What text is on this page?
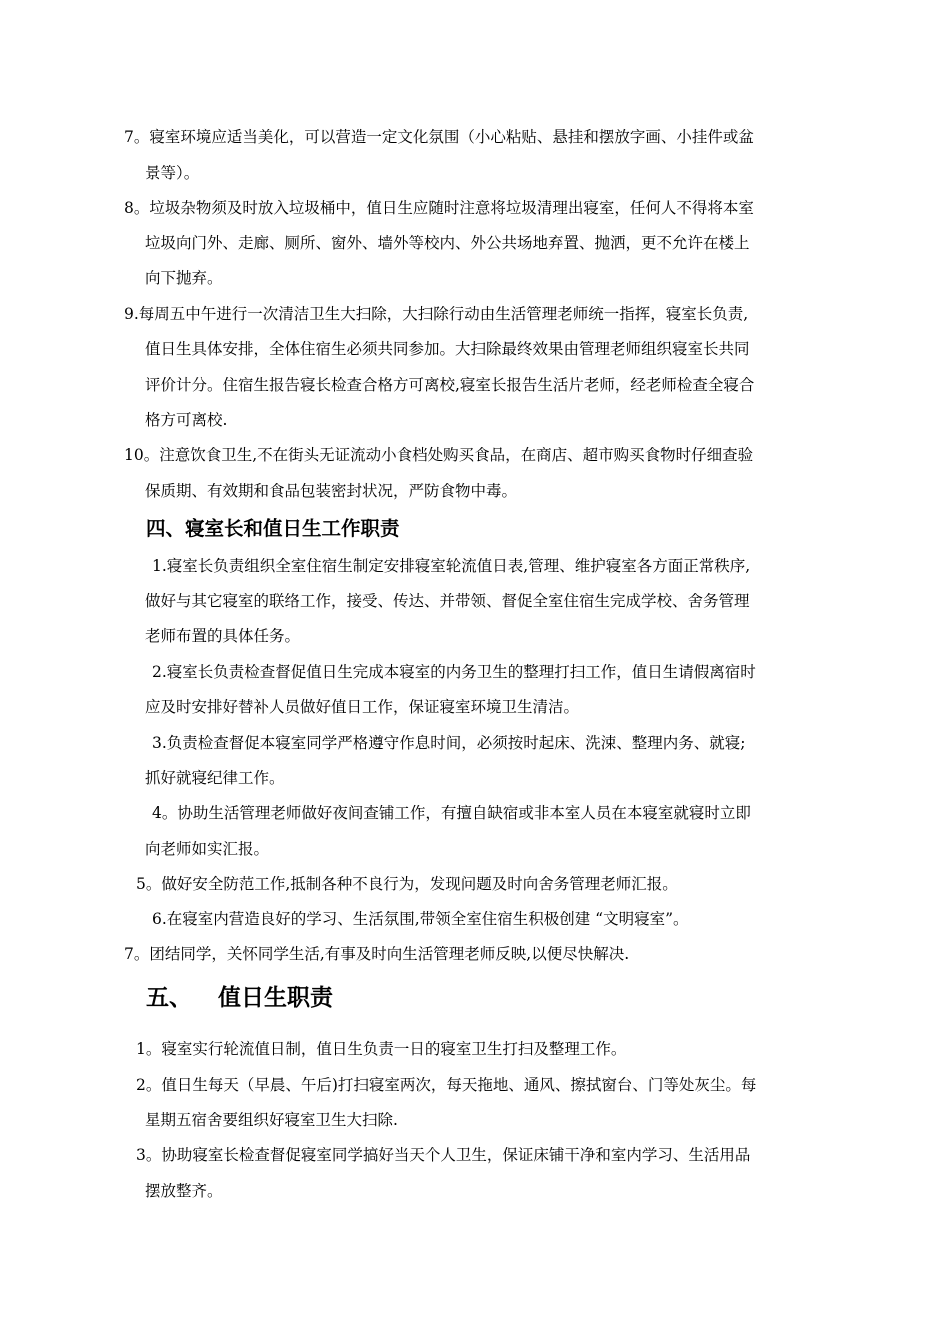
7。寝室环境应适当美化，可以营造一定文化氛围（小心粘贴、悬挂和摆放字画、小挂件或盆
景等）。
8。垃圾杂物须及时放入垃圾桶中，值日生应随时注意将垃圾清理出寝室，任何人不得将本室
垃圾向门外、走廊、厕所、窗外、墙外等校内、外公共场地弃置、抛洒，更不允许在楼上
向下抛弃。
9.每周五中午进行一次清洁卫生大扫除，大扫除行动由生活管理老师统一指挥，寝室长负责,
值日生具体安排，全体住宿生必须共同参加。大扫除最终效果由管理老师组织寝室长共同
评价计分。住宿生报告寝长检查合格方可离校,寝室长报告生活片老师，经老师检查全寝合
格方可离校.
10。注意饮食卫生,不在街头无证流动小食档处购买食品，在商店、超市购买食物时仔细查验
保质期、有效期和食品包装密封状况，严防食物中毒。
四、寝室长和值日生工作职责
1.寝室长负责组织全室住宿生制定安排寝室轮流值日表,管理、维护寝室各方面正常秩序,
做好与其它寝室的联络工作，接受、传达、并带领、督促全室住宿生完成学校、舍务管理
老师布置的具体任务。
2.寝室长负责检查督促值日生完成本寝室的内务卫生的整理打扫工作，值日生请假离宿时
应及时安排好替补人员做好值日工作，保证寝室环境卫生清洁。
3.负责检查督促本寝室同学严格遵守作息时间，必须按时起床、洗涑、整理内务、就寝;
抓好就寝纪律工作。
4。协助生活管理老师做好夜间查铺工作，有擅自缺宿或非本室人员在本寝室就寝时立即
向老师如实汇报。
5。做好安全防范工作,抵制各种不良行为，发现问题及时向舍务管理老师汇报。
6.在寝室内营造良好的学习、生活氛围,带领全室住宿生积极创建 “文明寝室”。
7。团结同学，关怀同学生活,有事及时向生活管理老师反映,以便尽快解决.
五、 值日生职责
1。寝室实行轮流值日制，值日生负责一日的寝室卫生打扫及整理工作。
2。值日生每天（早晨、午后)打扫寝室两次，每天拖地、通风、擦拭窗台、门等处灰尘。每
星期五宿舍要组织好寝室卫生大扫除.
3。协助寝室长检查督促寝室同学搞好当天个人卫生，保证床铺干净和室内学习、生活用品
摆放整齐。
